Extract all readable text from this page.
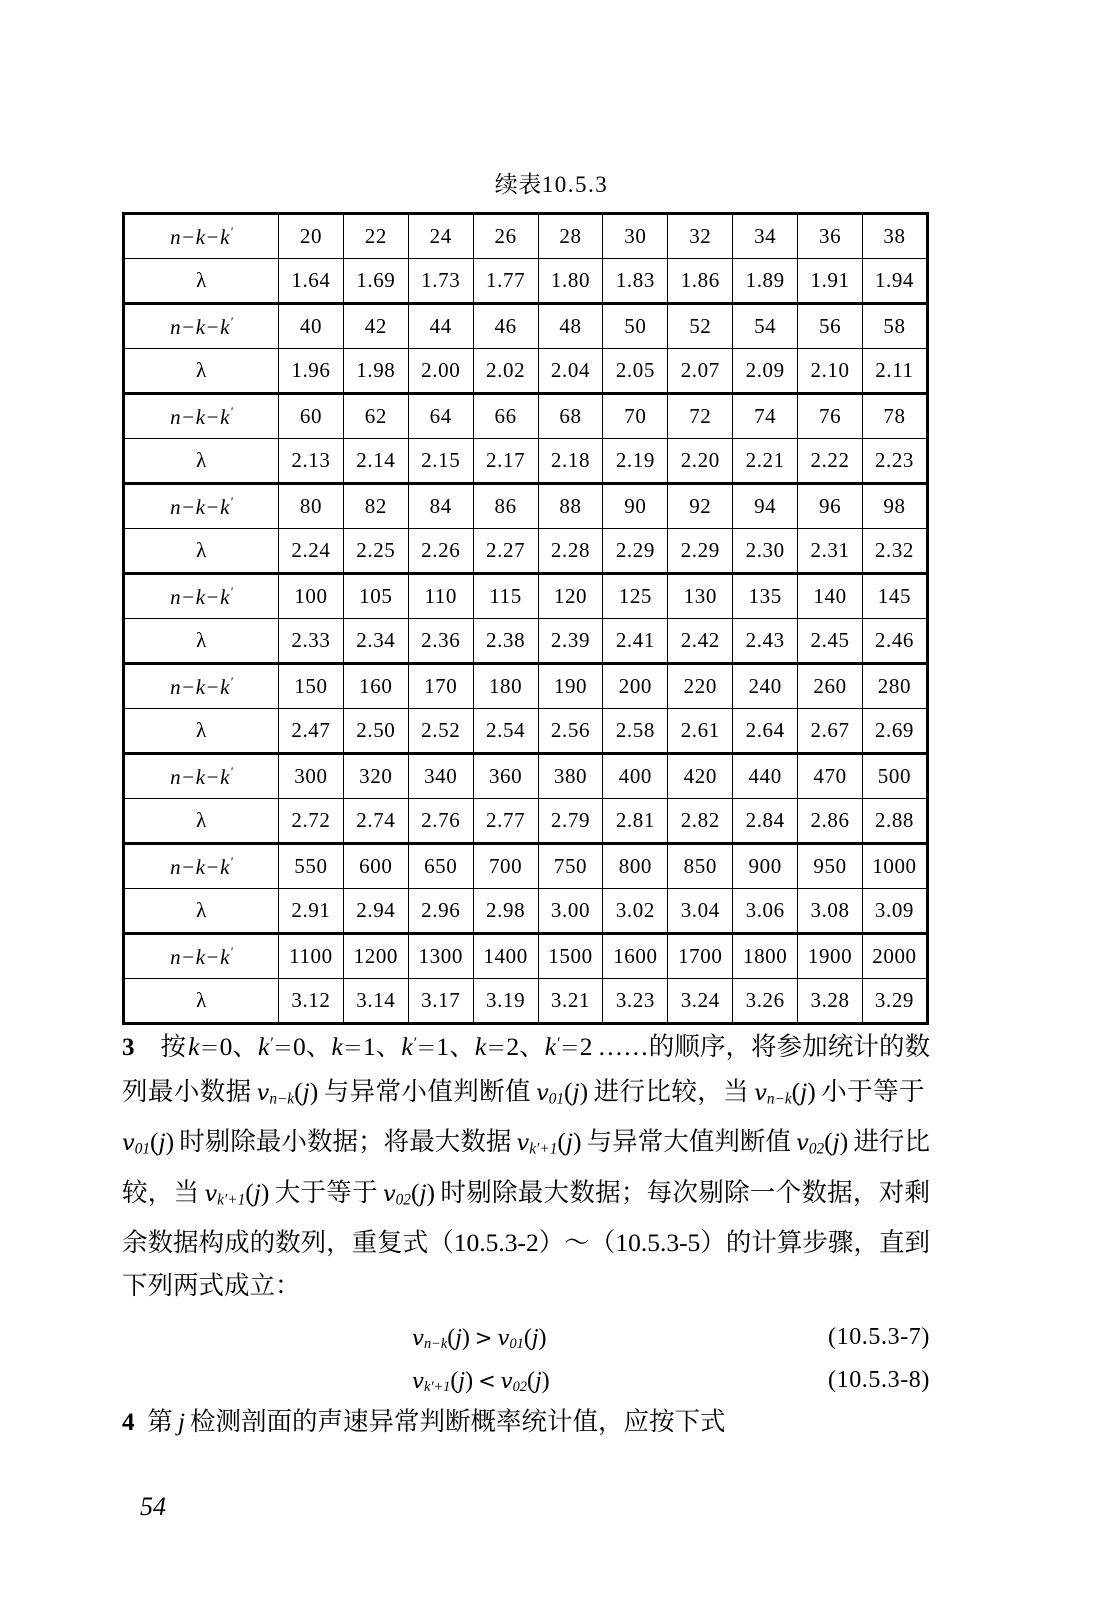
续表10.5.3
n−k−k′	20	22	24	26	28	30	32	34	36	38
λ	1.64	1.69	1.73	1.77	1.80	1.83	1.86	1.89	1.91	1.94
n−k−k′	40	42	44	46	48	50	52	54	56	58
λ	1.96	1.98	2.00	2.02	2.04	2.05	2.07	2.09	2.10	2.11
n−k−k′	60	62	64	66	68	70	72	74	76	78
λ	2.13	2.14	2.15	2.17	2.18	2.19	2.20	2.21	2.22	2.23
n−k−k′	80	82	84	86	88	90	92	94	96	98
λ	2.24	2.25	2.26	2.27	2.28	2.29	2.29	2.30	2.31	2.32
n−k−k′	100	105	110	115	120	125	130	135	140	145
λ	2.33	2.34	2.36	2.38	2.39	2.41	2.42	2.43	2.45	2.46
n−k−k′	150	160	170	180	190	200	220	240	260	280
λ	2.47	2.50	2.52	2.54	2.56	2.58	2.61	2.64	2.67	2.69
n−k−k′	300	320	340	360	380	400	420	440	470	500
λ	2.72	2.74	2.76	2.77	2.79	2.81	2.82	2.84	2.86	2.88
n−k−k′	550	600	650	700	750	800	850	900	950	1000
λ	2.91	2.94	2.96	2.98	3.00	3.02	3.04	3.06	3.08	3.09
n−k−k′	1100	1200	1300	1400	1500	1600	1700	1800	1900	2000
λ	3.12	3.14	3.17	3.19	3.21	3.23	3.24	3.26	3.28	3.29

3    按 k＝0、k′＝0、k＝1、k′＝1、k＝2、k′＝2 ……的顺序，将参加统计的数列最小数据 vn−k(j) 与异常小值判断值 v01(j) 进行比较，当 vn−k(j) 小于等于 v01(j) 时剔除最小数据；将最大数据 vk′+1(j) 与异常大值判断值 v02(j) 进行比较，当 vk′+1(j) 大于等于 v02(j) 时剔除最大数据；每次剔除一个数据，对剩余数据构成的数列，重复式（10.5.3-2）～（10.5.3-5）的计算步骤，直到下列两式成立：

vn−k(j) > v01(j)	(10.5.3-7)
vk′+1(j) < v02(j)	(10.5.3-8)

4  第 j 检测剖面的声速异常判断概率统计值，应按下式

54
